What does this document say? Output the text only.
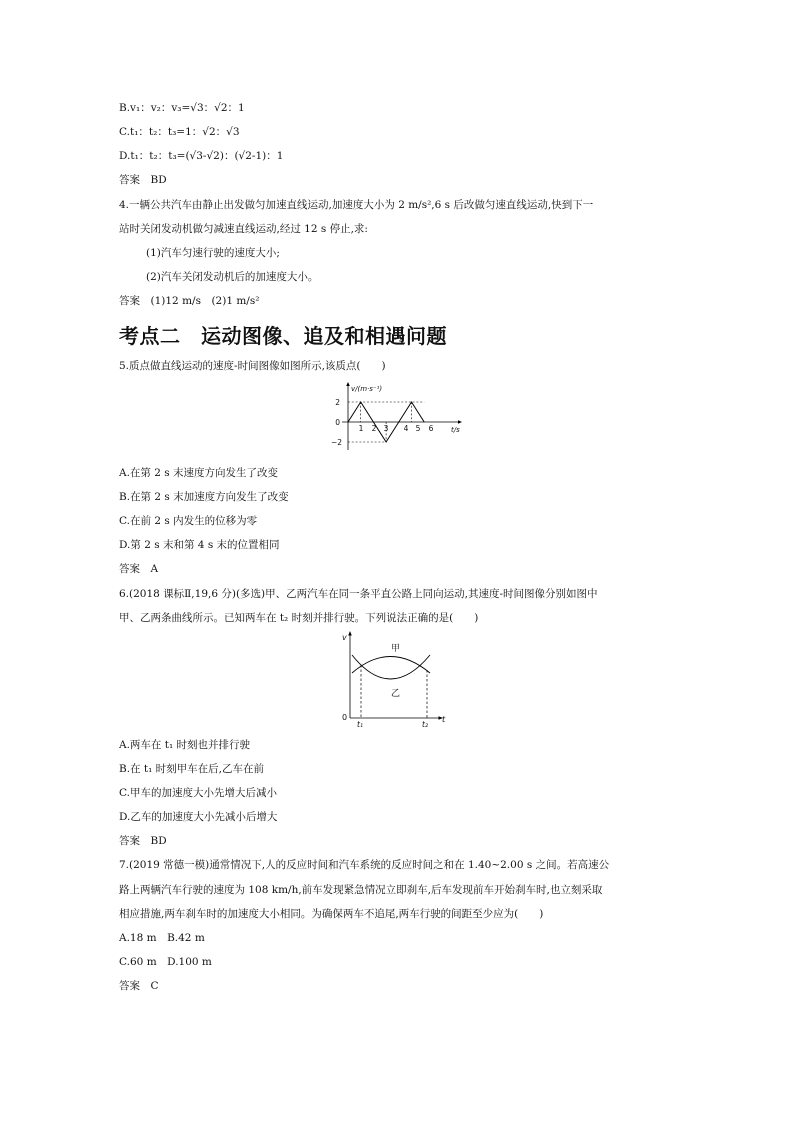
B.v₁：v₂：v₃=√3：√2：1
C.t₁：t₂：t₃=1：√2：√3
D.t₁：t₂：t₃=(√3-√2)：(√2-1)：1
答案　BD
4.一辆公共汽车由静止出发做匀加速直线运动,加速度大小为 2 m/s²,6 s 后改做匀速直线运动,快到下一
站时关闭发动机做匀减速直线运动,经过 12 s 停止,求:
(1)汽车匀速行驶的速度大小;
(2)汽车关闭发动机后的加速度大小。
答案　(1)12 m/s　(2)1 m/s²
考点二　运动图像、追及和相遇问题
5.质点做直线运动的速度-时间图像如图所示,该质点(　　)
v/(m·s⁻¹)
t/s
2
0
−2
1 2 3 4 5 6
A.在第 2 s 末速度方向发生了改变
B.在第 2 s 末加速度方向发生了改变
C.在前 2 s 内发生的位移为零
D.第 2 s 末和第 4 s 末的位置相同
答案　A
6.(2018 课标Ⅱ,19,6 分)(多选)甲、乙两汽车在同一条平直公路上同向运动,其速度-时间图像分别如图中
甲、乙两条曲线所示。已知两车在 t₂ 时刻并排行驶。下列说法正确的是(　　)
v
0	t
t₁	t₂
甲
乙
A.两车在 t₁ 时刻也并排行驶
B.在 t₁ 时刻甲车在后,乙车在前
C.甲车的加速度大小先增大后减小
D.乙车的加速度大小先减小后增大
答案　BD
7.(2019 常德一模)通常情况下,人的反应时间和汽车系统的反应时间之和在 1.40~2.00 s 之间。若高速公
路上两辆汽车行驶的速度为 108 km/h,前车发现紧急情况立即刹车,后车发现前车开始刹车时,也立刻采取
相应措施,两车刹车时的加速度大小相同。为确保两车不追尾,两车行驶的间距至少应为(　　)
A.18 m　B.42 m
C.60 m　D.100 m
答案　C
